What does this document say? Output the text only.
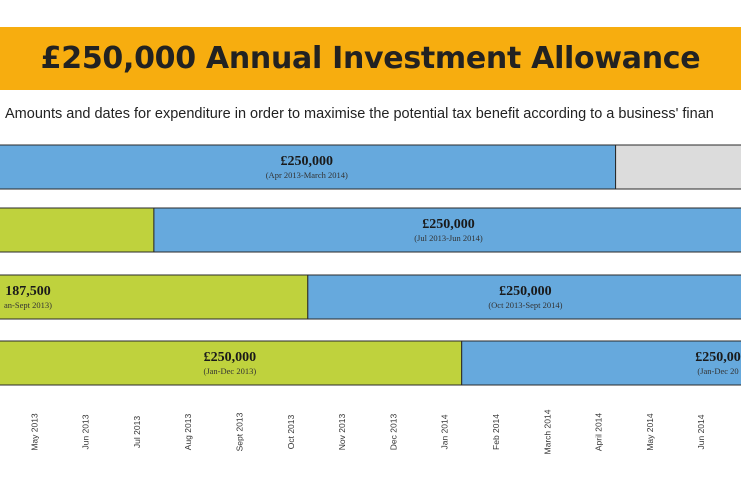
£250,000 Annual Investment Allowance
Amounts and dates for expenditure in order to maximise the potential tax benefit according to a business' finan
£250,000
(Apr 2013-March 2014)
£250,000
(Jul 2013-Jun 2014)
187,500
an-Sept 2013)
£250,000
(Oct 2013-Sept 2014)
£250,000
(Jan-Dec 2013)
£250,00
(Jan-Dec 20
May 2013	Jun 2013	Jul 2013	Aug 2013	Sept 2013	Oct 2013	Nov 2013	Dec 2013	Jan 2014	Feb 2014	March 2014	April 2014	May 2014	Jun 2014
